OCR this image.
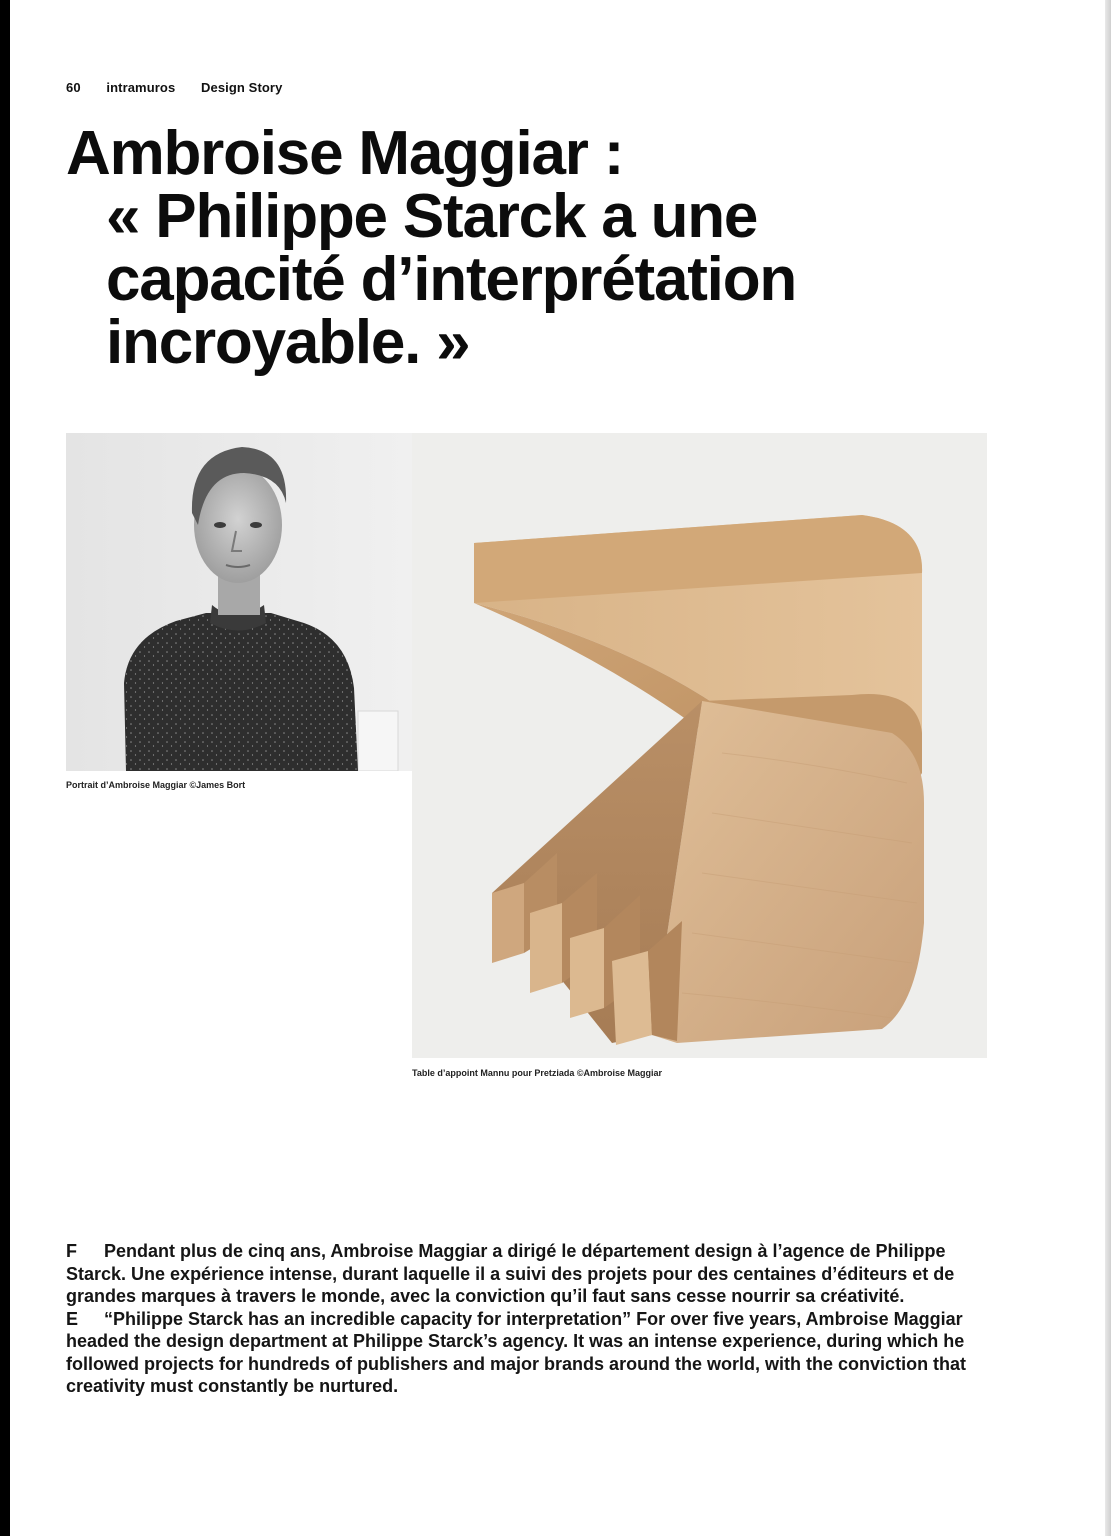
60 intramuros Design Story
Ambroise Maggiar :
« Philippe Starck a une
capacité d’interprétation
incroyable. »
Portrait d’Ambroise Maggiar ©James Bort
Table d’appoint Mannu pour Pretziada ©Ambroise Maggiar

F Pendant plus de cinq ans, Ambroise Maggiar a dirigé le département design à l’agence de Philippe Starck. Une expérience intense, durant laquelle il a suivi des projets pour des centaines d’éditeurs et de grandes marques à travers le monde, avec la conviction qu’il faut sans cesse nourrir sa créativité.

E “Philippe Starck has an incredible capacity for interpretation” For over five years, Ambroise Maggiar headed the design department at Philippe Starck’s agency. It was an intense experience, during which he followed projects for hundreds of publishers and major brands around the world, with the conviction that creativity must constantly be nurtured.
